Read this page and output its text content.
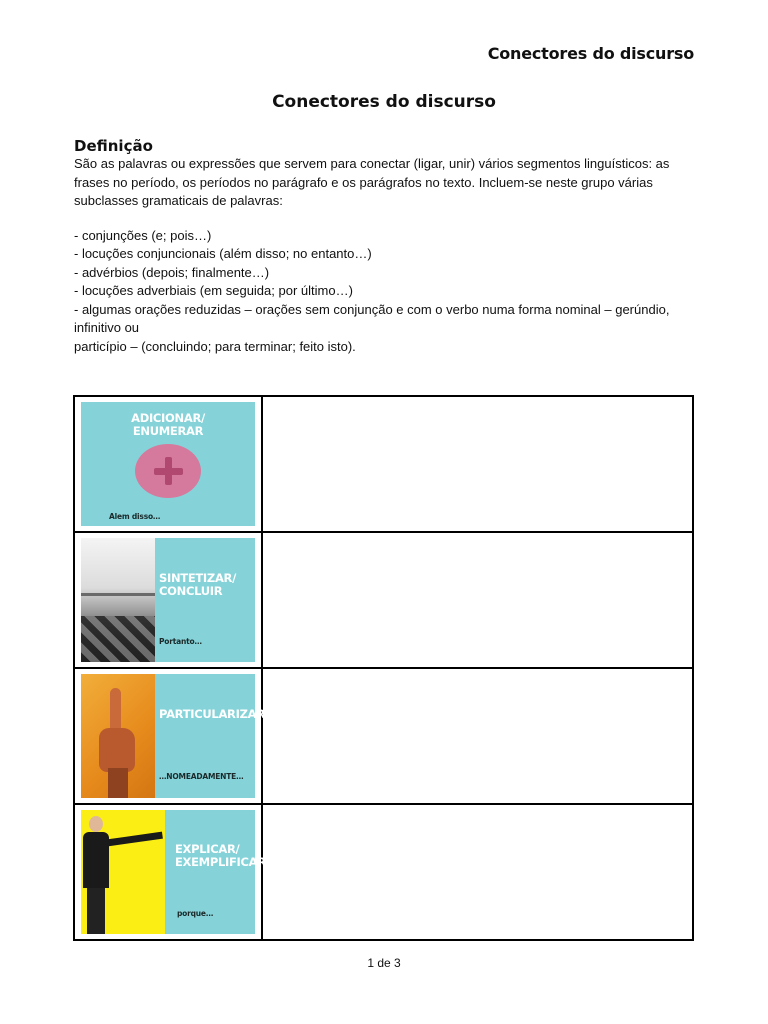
Conectores do discurso
Conectores do discurso
Definição

São as palavras ou expressões que servem para conectar (ligar, unir) vários segmentos linguísticos: as frases no período, os períodos no parágrafo e os parágrafos no texto. Incluem-se neste grupo várias subclasses gramaticais de palavras:

- conjunções (e; pois…)
- locuções conjuncionais (além disso; no entanto…)
- advérbios (depois; finalmente…)
- locuções adverbiais (em seguida; por último…)
- algumas orações reduzidas – orações sem conjunção e com o verbo numa forma nominal – gerúndio, infinitivo ou
particípio – (concluindo; para terminar; feito isto).
ADICIONAR/
ENUMERAR
Alem disso…	

SINTETIZAR/
CONCLUIR
Portanto…	

PARTICULARIZAR
…NOMEADAMENTE…	

EXPLICAR/
EXEMPLIFICAR
porque…	

1 de 3
